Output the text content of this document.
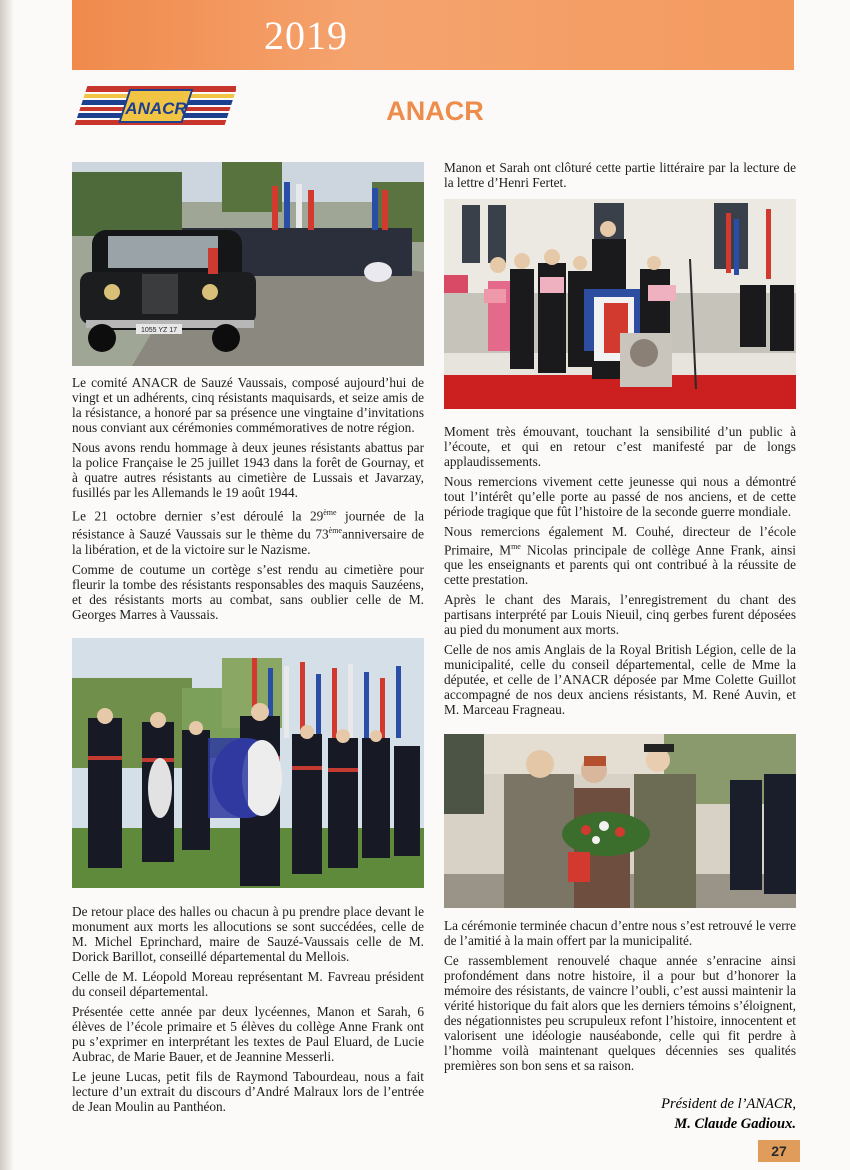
2019
ANACR	ANACR
1055 YZ 17

Le comité ANACR de Sauzé Vaussais, composé aujourd’hui de vingt et un adhérents, cinq résistants maquisards, et seize amis de la résistance, a honoré par sa présence une vingtaine d’invitations nous conviant aux cérémonies commémoratives de notre région.

Nous avons rendu hommage à deux jeunes résistants abattus par la police Française le 25 juillet 1943 dans la forêt de Gournay, et à quatre autres résistants au cimetière de Lussais et Javarzay, fusillés par les Allemands le 19 août 1944.

Le 21 octobre dernier s’est déroulé la 29ème journée de la résistance à Sauzé Vaussais sur le thème du 73èmeanniversaire de la libération, et de la victoire sur le Nazisme.

Comme de coutume un cortège s’est rendu au cimetière pour fleurir la tombe des résistants responsables des maquis Sauzéens, et des résistants morts au combat, sans oublier celle de M. Georges Marres à Vaussais.

De retour place des halles ou chacun à pu prendre place devant le monument aux morts les allocutions se sont succédées, celle de M. Michel Eprinchard, maire de Sauzé-Vaussais celle de M. Dorick Barillot, conseillé départemental du Mellois.

Celle de M. Léopold Moreau représentant M. Favreau président du conseil départemental.

Présentée cette année par deux lycéennes, Manon et Sarah, 6 élèves de l’école primaire et 5 élèves du collège Anne Frank ont pu s’exprimer en interprétant les textes de Paul Eluard, de Lucie Aubrac, de Marie Bauer, et de Jeannine Messerli.

Le jeune Lucas, petit fils de Raymond Tabourdeau, nous a fait lecture d’un extrait du discours d’André Malraux lors de l’entrée de Jean Moulin au Panthéon.

Manon et Sarah ont clôturé cette partie littéraire par la lecture de la lettre d’Henri Fertet.

Moment très émouvant, touchant la sensibilité d’un public à l’écoute, et qui en retour c’est manifesté par de longs applaudissements.

Nous remercions vivement cette jeunesse qui nous a démontré tout l’intérêt qu’elle porte au passé de nos anciens, et de cette période tragique que fût l’histoire de la seconde guerre mondiale.

Nous remercions également M. Couhé, directeur de l’école Primaire, $M^{me}$ Nicolas principale de collège Anne Frank, ainsi que les enseignants et parents qui ont contribué à la réussite de cette prestation.

Après le chant des Marais, l’enregistrement du chant des partisans interprété par Louis Nieuil, cinq gerbes furent déposées au pied du monument aux morts.

Celle de nos amis Anglais de la Royal British Légion, celle de la municipalité, celle du conseil départemental, celle de Mme la députée, et celle de l’ANACR déposée par Mme Colette Guillot accompagné de nos deux anciens résistants, M. René Auvin, et M. Marceau Fragneau.

La cérémonie terminée chacun d’entre nous s’est retrouvé le verre de l’amitié à la main offert par la municipalité.

Ce rassemblement renouvelé chaque année s’enracine ainsi profondément dans notre histoire, il a pour but d’honorer la mémoire des résistants, de vaincre l’oubli, c’est aussi maintenir la vérité historique du fait alors que les derniers témoins s’éloignent, des négationnistes peu scrupuleux refont l’histoire, innocentent et valorisent une idéologie nauséabonde, celle qui fit perdre à l’homme voilà maintenant quelques décennies ses qualités premières son bon sens et sa raison.

Président de l’ANACR,
M. Claude Gadioux.
27
